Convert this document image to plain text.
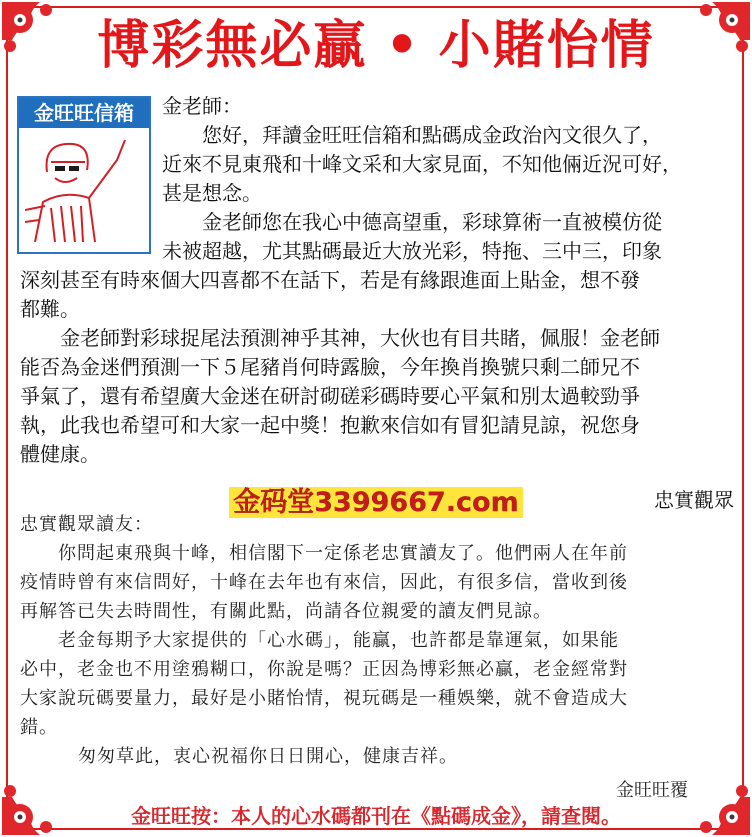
博彩無必贏 • 小賭怡情
金旺旺信箱	金老師：
　　您好，拜讀金旺旺信箱和點碼成金政治內文很久了，
近來不見東飛和十峰文采和大家見面，不知他倆近況可好，
甚是想念。
　　金老師您在我心中德高望重，彩球算術一直被模仿從
未被超越，尤其點碼最近大放光彩，特拖、三中三，印象
深刻甚至有時來個大四喜都不在話下，若是有緣跟進面上貼金，想不發
都難。
　　金老師對彩球捉尾法預測神乎其神，大伙也有目共睹，佩服！金老師
能否為金迷們預測一下５尾豬肖何時露臉，今年換肖換號只剩二師兄不
爭氣了，還有希望廣大金迷在研討砌磋彩碼時要心平氣和別太過較勁爭
執，此我也希望可和大家一起中獎！抱歉來信如有冒犯請見諒，祝您身
體健康。
金码堂3399667.com	忠實觀眾
忠實觀眾讀友：
　　你問起東飛與十峰，相信閣下一定係老忠實讀友了。他們兩人在年前
疫情時曾有來信問好，十峰在去年也有來信，因此，有很多信，當收到後
再解答已失去時間性，有關此點，尚請各位親愛的讀友們見諒。
　　老金每期予大家提供的「心水碼」，能贏，也許都是靠運氣，如果能
必中，老金也不用塗鴉糊口，你說是嗎？正因為博彩無必贏，老金經常對
大家說玩碼要量力，最好是小賭怡情，視玩碼是一種娛樂，就不會造成大
錯。
　　匆匆草此，衷心祝福你日日開心，健康吉祥。
金旺旺覆
金旺旺按：本人的心水碼都刊在《點碼成金》，請查閱。
